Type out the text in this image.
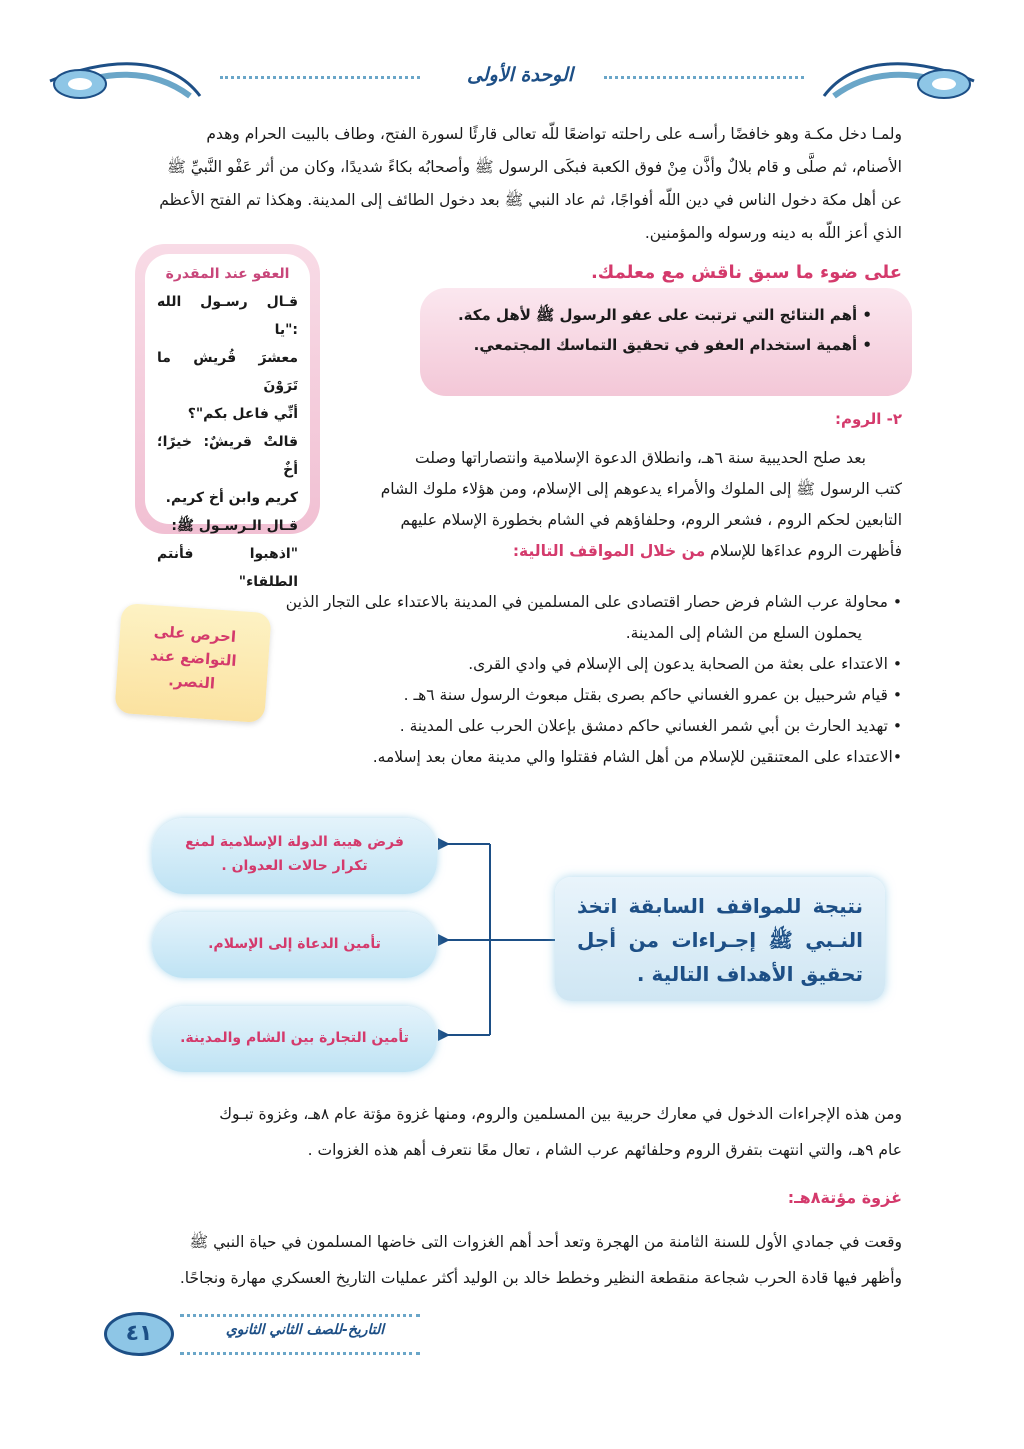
الوحدة الأولى
ولمـا دخل مكـة وهو خافضًا رأسـه على راحلته تواضعًا للّه تعالى قارئًا لسورة الفتح، وطاف بالبيت الحرام وهدم
الأصنام، ثم صلَّى و قام بلالٌ وأذَّن مِنْ فوق الكعبة فبكَى الرسول ﷺ وأصحابُه بكاءً شديدًا، وكان من أثر عَفْو النَّبيِّ ﷺ
عن أهل مكة دخول الناس في دين اللّه أفواجًا، ثم عاد النبي ﷺ بعد دخول الطائف إلى المدينة. وهكذا تم الفتح الأعظم
الذي أعز اللّه به دينه ورسوله والمؤمنين.
العفو عند المقدرة
قـال رسـول الله :"يا
معشرَ قُريش ما تَرَوْنَ
أنِّي فاعل بكم"؟
قالتْ قريشٌ: خيرًا؛ أخٌ
كريم وابن أخ كريم.
قـال الـرسـول ﷺ:
"اذهبوا فأنتم الطلقاء"
على ضوء ما سبق ناقش مع معلمك.
• أهم النتائج التي ترتبت على عفو الرسول ﷺ لأهل مكة.
• أهمية استخدام العفو في تحقيق التماسك المجتمعي.
٢- الروم:
بعد صلح الحديبية سنة ٦هـ، وانطلاق الدعوة الإسلامية وانتصاراتها وصلت
كتب الرسول ﷺ إلى الملوك والأمراء يدعوهم إلى الإسلام، ومن هؤلاء ملوك الشام
التابعين لحكم الروم ، فشعر الروم، وحلفاؤهم في الشام بخطورة الإسلام عليهم
فأظهرت الروم عداءَها للإسلام من خلال المواقف التالية:
• محاولة عرب الشام فرض حصار اقتصادى على المسلمين في المدينة بالاعتداء على التجار الذين
يحملون السلع من الشام إلى المدينة.
• الاعتداء على بعثة من الصحابة يدعون إلى الإسلام في وادي القرى.
• قيام شرحبيل بن عمرو الغساني حاكم بصرى بقتل مبعوث الرسول سنة ٦هـ .
• تهديد الحارث بن أبي شمر الغساني حاكم دمشق بإعلان الحرب على المدينة .
•الاعتداء على المعتنقين للإسلام من أهل الشام فقتلوا والي مدينة معان بعد إسلامه.
احرص على
التواضع عند
النصر.
نتيجة للمواقف السابقة اتخذ النـبي ﷺ إجـراءات من أجل تحقيق الأهداف التالية .
فرض هيبة الدولة الإسلامية لمنع تكرار حالات العدوان .
تأمين الدعاة إلى الإسلام.
تأمين التجارة بين الشام والمدينة.
ومن هذه الإجراءات الدخول في معارك حربية بين المسلمين والروم، ومنها غزوة مؤتة عام ٨هـ، وغزوة تبـوك
عام ٩هـ، والتي انتهت بتفرق الروم وحلفائهم عرب الشام ، تعال معًا نتعرف أهم هذه الغزوات .
غزوة مؤتة٨هـ:
وقعت في جمادي الأول للسنة الثامنة من الهجرة وتعد أحد أهم الغزوات التى خاضها المسلمون في حياة النبي ﷺ
وأظهر فيها قادة الحرب شجاعة منقطعة النظير وخطط خالد بن الوليد أكثر عمليات التاريخ العسكري مهارة ونجاحًا.
التاريخ-للصف الثاني الثانوي
٤١
